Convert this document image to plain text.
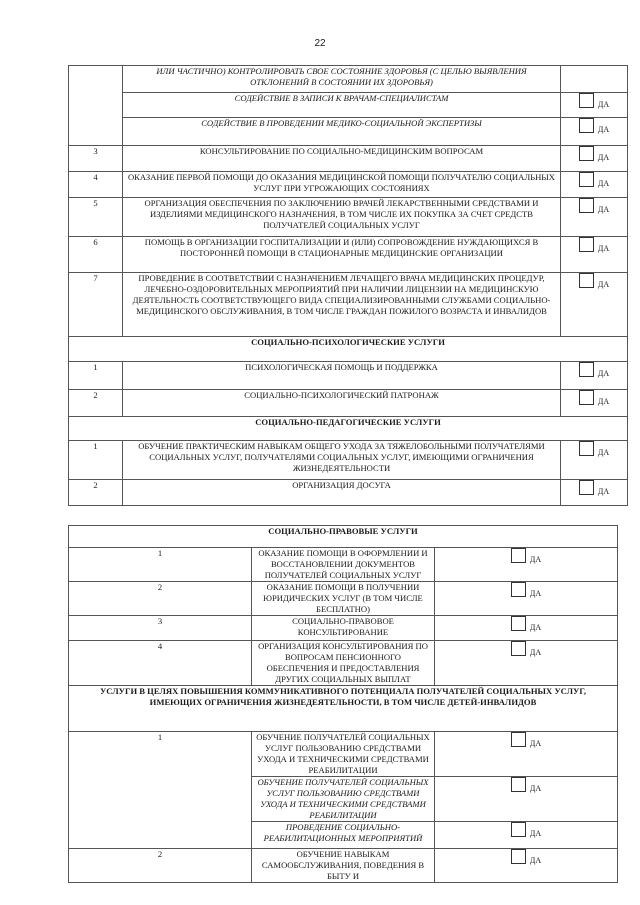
22
	ИЛИ ЧАСТИЧНО) КОНТРОЛИРОВАТЬ СВОЕ СОСТОЯНИЕ ЗДОРОВЬЯ (С ЦЕЛЬЮ ВЫЯВЛЕНИЯ ОТКЛОНЕНИЙ В СОСТОЯНИИ ИХ ЗДОРОВЬЯ)	
	СОДЕЙСТВИЕ В ЗАПИСИ К ВРАЧАМ-СПЕЦИАЛИСТАМ	ДА

	СОДЕЙСТВИЕ В ПРОВЕДЕНИИ МЕДИКО-СОЦИАЛЬНОЙ ЭКСПЕРТИЗЫ	ДА

3	КОНСУЛЬТИРОВАНИЕ ПО СОЦИАЛЬНО-МЕДИЦИНСКИМ ВОПРОСАМ	ДА

4	ОКАЗАНИЕ ПЕРВОЙ ПОМОЩИ ДО ОКАЗАНИЯ МЕДИЦИНСКОЙ ПОМОЩИ ПОЛУЧАТЕЛЮ СОЦИАЛЬНЫХ УСЛУГ ПРИ УГРОЖАЮЩИХ СОСТОЯНИЯХ	ДА

5	ОРГАНИЗАЦИЯ ОБЕСПЕЧЕНИЯ ПО ЗАКЛЮЧЕНИЮ ВРАЧЕЙ ЛЕКАРСТВЕННЫМИ СРЕДСТВАМИ И ИЗДЕЛИЯМИ МЕДИЦИНСКОГО НАЗНАЧЕНИЯ, В ТОМ ЧИСЛЕ ИХ ПОКУПКА ЗА СЧЕТ СРЕДСТВ ПОЛУЧАТЕЛЕЙ СОЦИАЛЬНЫХ УСЛУГ	ДА

6	ПОМОЩЬ В ОРГАНИЗАЦИИ ГОСПИТАЛИЗАЦИИ И (ИЛИ) СОПРОВОЖДЕНИЕ НУЖДАЮЩИХСЯ В ПОСТОРОННЕЙ ПОМОЩИ В СТАЦИОНАРНЫЕ МЕДИЦИНСКИЕ ОРГАНИЗАЦИИ	ДА

7	ПРОВЕДЕНИЕ В СООТВЕТСТВИИ С НАЗНАЧЕНИЕМ ЛЕЧАЩЕГО ВРАЧА МЕДИЦИНСКИХ ПРОЦЕДУР, ЛЕЧЕБНО-ОЗДОРОВИТЕЛЬНЫХ МЕРОПРИЯТИЙ ПРИ НАЛИЧИИ ЛИЦЕНЗИИ НА МЕДИЦИНСКУЮ ДЕЯТЕЛЬНОСТЬ СООТВЕТСТВУЮЩЕГО ВИДА СПЕЦИАЛИЗИРОВАННЫМИ СЛУЖБАМИ СОЦИАЛЬНО-МЕДИЦИНСКОГО ОБСЛУЖИВАНИЯ, В ТОМ ЧИСЛЕ ГРАЖДАН ПОЖИЛОГО ВОЗРАСТА И ИНВАЛИДОВ	ДА

СОЦИАЛЬНО-ПСИХОЛОГИЧЕСКИЕ УСЛУГИ		
1	ПСИХОЛОГИЧЕСКАЯ ПОМОЩЬ И ПОДДЕРЖКА	ДА

2	СОЦИАЛЬНО-ПСИХОЛОГИЧЕСКИЙ ПАТРОНАЖ	ДА

СОЦИАЛЬНО-ПЕДАГОГИЧЕСКИЕ УСЛУГИ		
1	ОБУЧЕНИЕ ПРАКТИЧЕСКИМ НАВЫКАМ ОБЩЕГО УХОДА ЗА ТЯЖЕЛОБОЛЬНЫМИ ПОЛУЧАТЕЛЯМИ СОЦИАЛЬНЫХ УСЛУГ, ПОЛУЧАТЕЛЯМИ СОЦИАЛЬНЫХ УСЛУГ, ИМЕЮЩИМИ ОГРАНИЧЕНИЯ ЖИЗНЕДЕЯТЕЛЬНОСТИ	ДА

2	ОРГАНИЗАЦИЯ ДОСУГА	ДА
СОЦИАЛЬНО-ПРАВОВЫЕ УСЛУГИ		
1	ОКАЗАНИЕ ПОМОЩИ В ОФОРМЛЕНИИ И ВОССТАНОВЛЕНИИ ДОКУМЕНТОВ ПОЛУЧАТЕЛЕЙ СОЦИАЛЬНЫХ УСЛУГ	ДА

2	ОКАЗАНИЕ ПОМОЩИ В ПОЛУЧЕНИИ ЮРИДИЧЕСКИХ УСЛУГ (В ТОМ ЧИСЛЕ БЕСПЛАТНО)	ДА

3	СОЦИАЛЬНО-ПРАВОВОЕ КОНСУЛЬТИРОВАНИЕ	ДА

4	ОРГАНИЗАЦИЯ КОНСУЛЬТИРОВАНИЯ ПО ВОПРОСАМ ПЕНСИОННОГО ОБЕСПЕЧЕНИЯ И ПРЕДОСТАВЛЕНИЯ ДРУГИХ СОЦИАЛЬНЫХ ВЫПЛАТ	ДА

УСЛУГИ В ЦЕЛЯХ ПОВЫШЕНИЯ КОММУНИКАТИВНОГО ПОТЕНЦИАЛА ПОЛУЧАТЕЛЕЙ СОЦИАЛЬНЫХ УСЛУГ, ИМЕЮЩИХ ОГРАНИЧЕНИЯ ЖИЗНЕДЕЯТЕЛЬНОСТИ, В ТОМ ЧИСЛЕ ДЕТЕЙ-ИНВАЛИДОВ		
1	ОБУЧЕНИЕ ПОЛУЧАТЕЛЕЙ СОЦИАЛЬНЫХ УСЛУГ ПОЛЬЗОВАНИЮ СРЕДСТВАМИ УХОДА И ТЕХНИЧЕСКИМИ СРЕДСТВАМИ РЕАБИЛИТАЦИИ	ДА

	ОБУЧЕНИЕ ПОЛУЧАТЕЛЕЙ СОЦИАЛЬНЫХ УСЛУГ ПОЛЬЗОВАНИЮ СРЕДСТВАМИ УХОДА И ТЕХНИЧЕСКИМИ СРЕДСТВАМИ РЕАБИЛИТАЦИИ	ДА

	ПРОВЕДЕНИЕ СОЦИАЛЬНО-РЕАБИЛИТАЦИОННЫХ МЕРОПРИЯТИЙ	ДА

2	ОБУЧЕНИЕ НАВЫКАМ САМООБСЛУЖИВАНИЯ, ПОВЕДЕНИЯ В БЫТУ И	ДА
